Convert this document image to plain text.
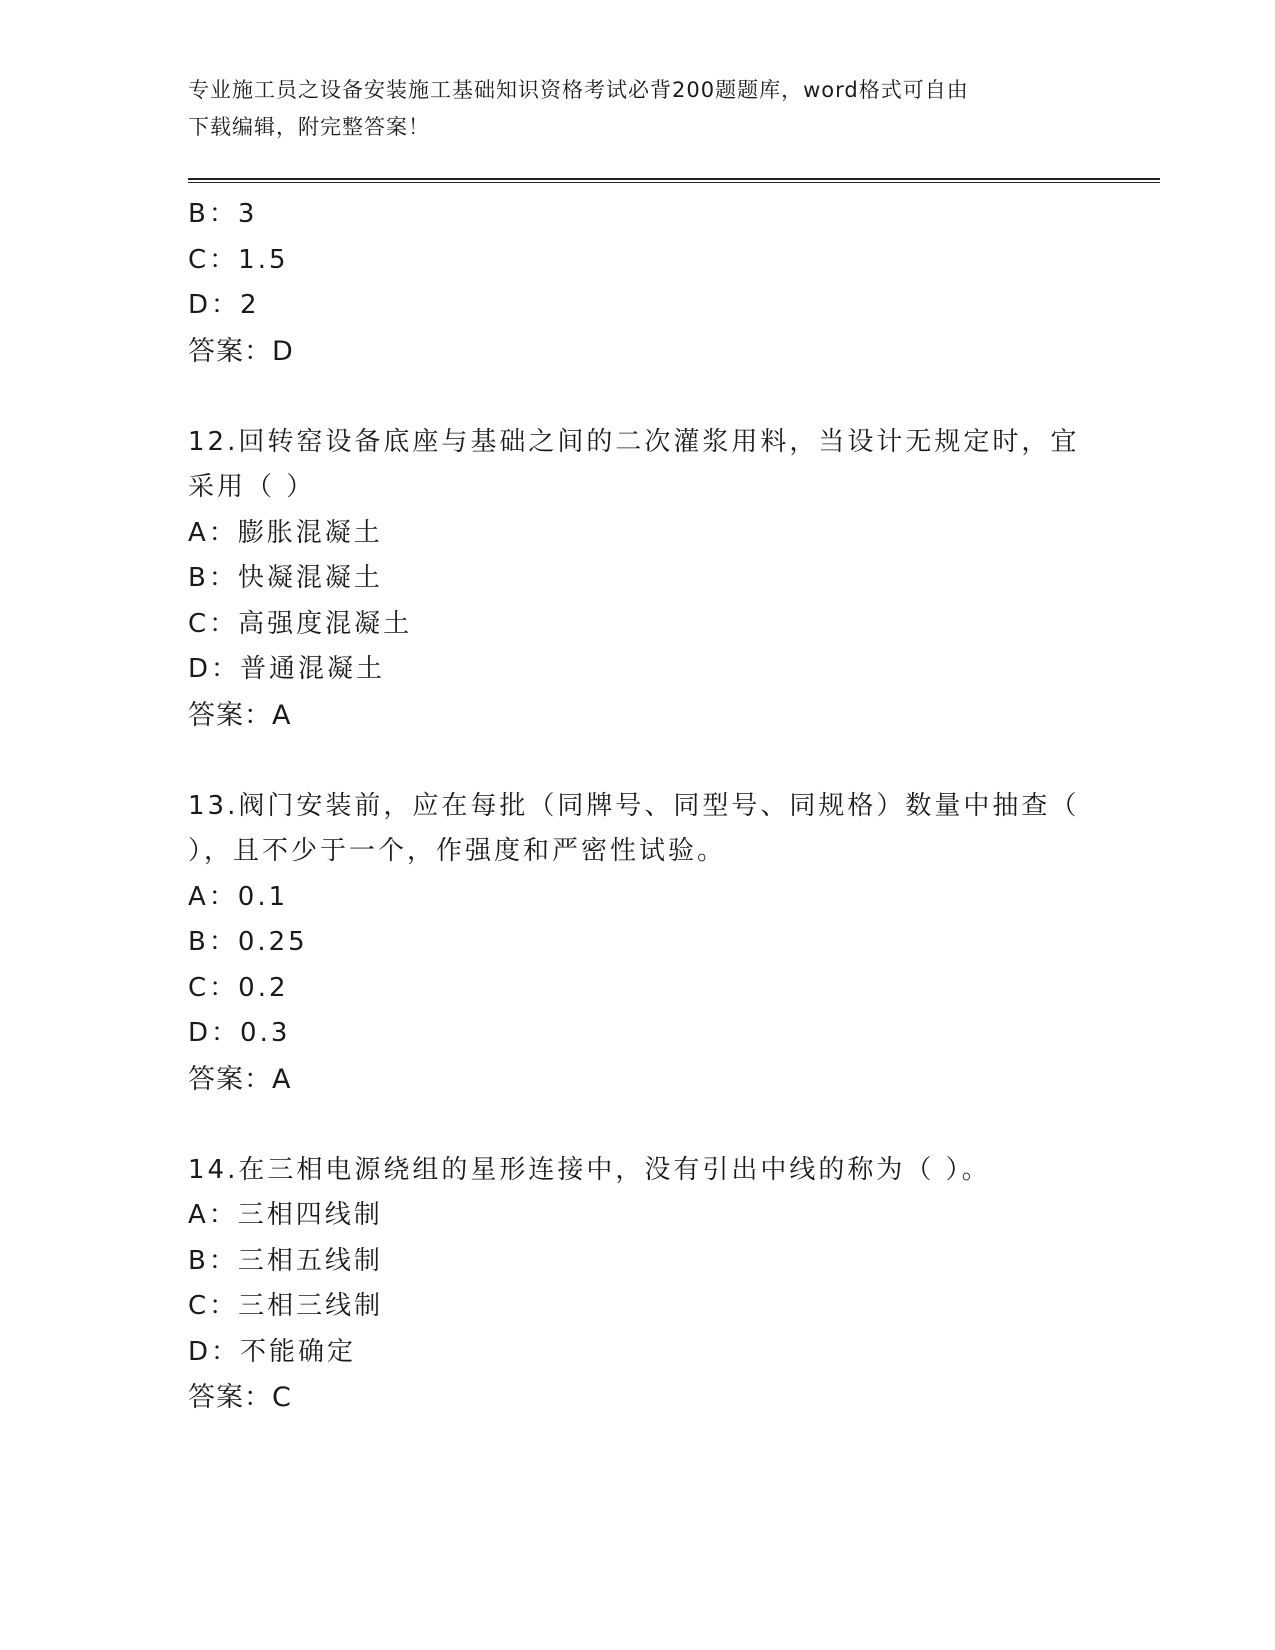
专业施工员之设备安装施工基础知识资格考试必背200题题库，word格式可自由
下载编辑，附完整答案！
B：3
C：1.5
D：2
答案：D
12.回转窑设备底座与基础之间的二次灌浆用料，当设计无规定时，宜
采用（ ）
A：膨胀混凝土
B：快凝混凝土
C：高强度混凝土
D：普通混凝土
答案：A
13.阀门安装前，应在每批（同牌号、同型号、同规格）数量中抽查（
），且不少于一个，作强度和严密性试验。
A：0.1
B：0.25
C：0.2
D：0.3
答案：A
14.在三相电源绕组的星形连接中，没有引出中线的称为（ ）。
A：三相四线制
B：三相五线制
C：三相三线制
D：不能确定
答案：C
